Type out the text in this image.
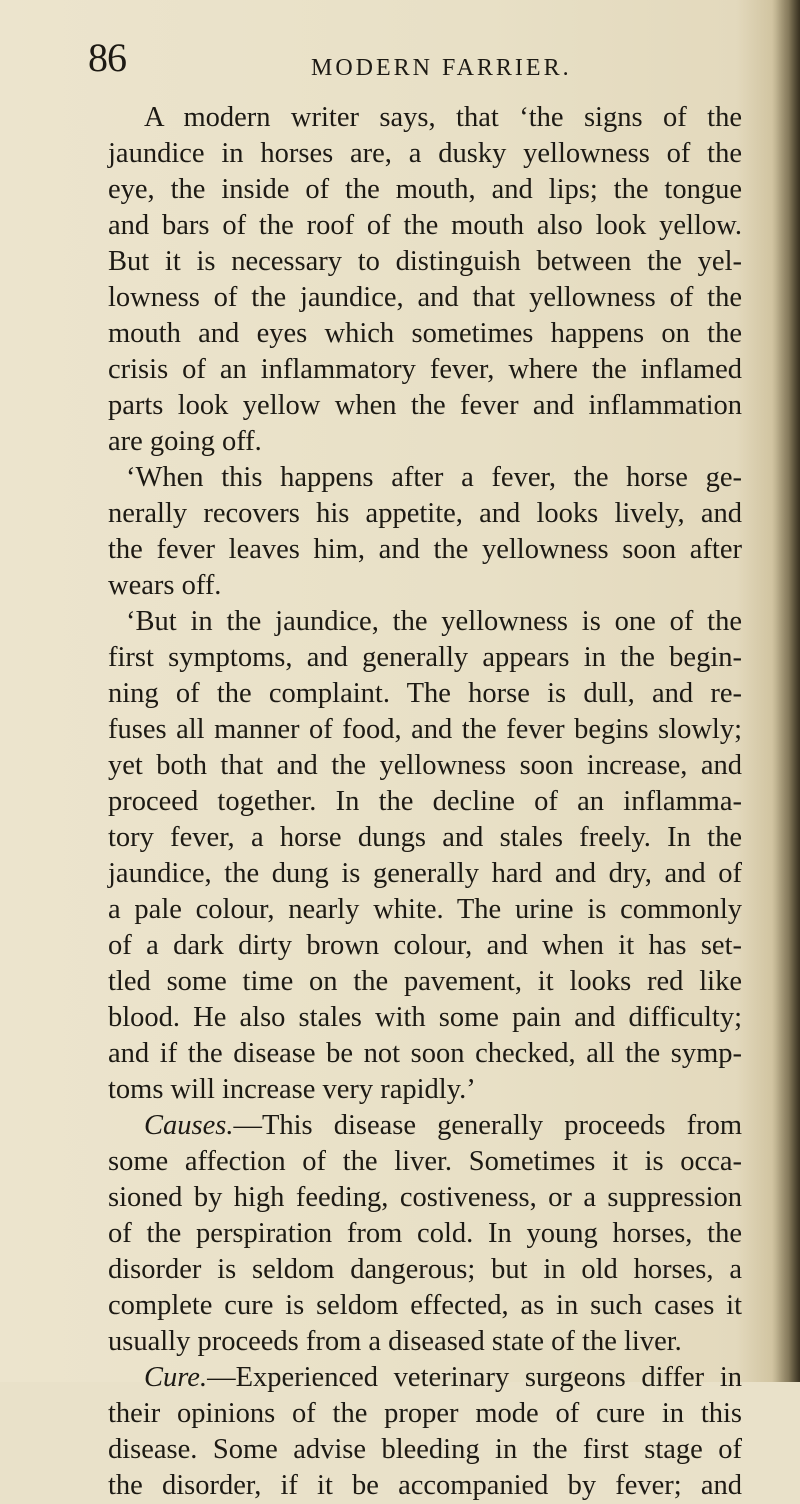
86	MODERN FARRIER.
A modern writer says, that ‘the signs of the
jaundice in horses are, a dusky yellowness of the
eye, the inside of the mouth, and lips; the tongue
and bars of the roof of the mouth also look yellow.
But it is necessary to distinguish between the yel-
lowness of the jaundice, and that yellowness of the
mouth and eyes which sometimes happens on the
crisis of an inflammatory fever, where the inflamed
parts look yellow when the fever and inflammation
are going off.
‘When this happens after a fever, the horse ge-
nerally recovers his appetite, and looks lively, and
the fever leaves him, and the yellowness soon after
wears off.
‘But in the jaundice, the yellowness is one of the
first symptoms, and generally appears in the begin-
ning of the complaint. The horse is dull, and re-
fuses all manner of food, and the fever begins slowly;
yet both that and the yellowness soon increase, and
proceed together. In the decline of an inflamma-
tory fever, a horse dungs and stales freely. In the
jaundice, the dung is generally hard and dry, and of
a pale colour, nearly white. The urine is commonly
of a dark dirty brown colour, and when it has set-
tled some time on the pavement, it looks red like
blood. He also stales with some pain and difficulty;
and if the disease be not soon checked, all the symp-
toms will increase very rapidly.’
Causes.—This disease generally proceeds from
some affection of the liver. Sometimes it is occa-
sioned by high feeding, costiveness, or a suppression
of the perspiration from cold. In young horses, the
disorder is seldom dangerous; but in old horses, a
complete cure is seldom effected, as in such cases it
usually proceeds from a diseased state of the liver.
Cure.—Experienced veterinary surgeons differ in
their opinions of the proper mode of cure in this
disease. Some advise bleeding in the first stage of
the disorder, if it be accompanied by fever; and
